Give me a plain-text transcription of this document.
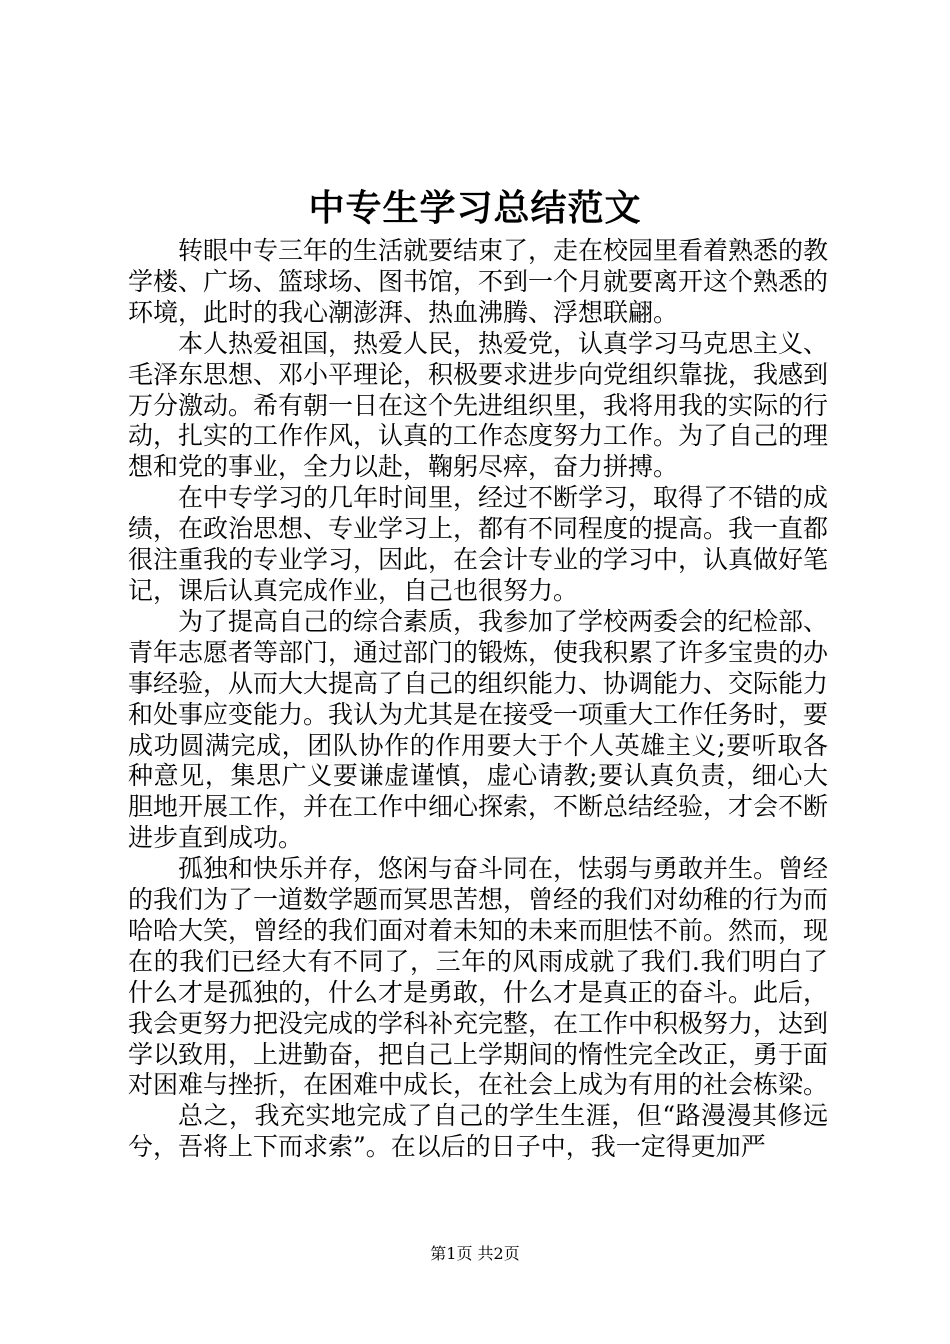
中专生学习总结范文

转眼中专三年的生活就要结束了，走在校园里看着熟悉的教学楼、广场、篮球场、图书馆，不到一个月就要离开这个熟悉的环境，此时的我心潮澎湃、热血沸腾、浮想联翩。

本人热爱祖国，热爱人民，热爱党，认真学习马克思主义、毛泽东思想、邓小平理论，积极要求进步向党组织靠拢，我感到万分激动。希有朝一日在这个先进组织里，我将用我的实际的行动，扎实的工作作风，认真的工作态度努力工作。为了自己的理想和党的事业，全力以赴，鞠躬尽瘁，奋力拼搏。

在中专学习的几年时间里，经过不断学习，取得了不错的成绩，在政治思想、专业学习上，都有不同程度的提高。我一直都很注重我的专业学习，因此，在会计专业的学习中，认真做好笔记，课后认真完成作业，自己也很努力。

为了提高自己的综合素质，我参加了学校两委会的纪检部、青年志愿者等部门，通过部门的锻炼，使我积累了许多宝贵的办事经验，从而大大提高了自己的组织能力、协调能力、交际能力和处事应变能力。我认为尤其是在接受一项重大工作任务时，要成功圆满完成，团队协作的作用要大于个人英雄主义;要听取各种意见，集思广义要谦虚谨慎，虚心请教;要认真负责，细心大胆地开展工作，并在工作中细心探索，不断总结经验，才会不断进步直到成功。

孤独和快乐并存，悠闲与奋斗同在，怯弱与勇敢并生。曾经的我们为了一道数学题而冥思苦想，曾经的我们对幼稚的行为而哈哈大笑，曾经的我们面对着未知的未来而胆怯不前。然而，现在的我们已经大有不同了，三年的风雨成就了我们.我们明白了什么才是孤独的，什么才是勇敢，什么才是真正的奋斗。此后，我会更努力把没完成的学科补充完整，在工作中积极努力，达到学以致用，上进勤奋，把自己上学期间的惰性完全改正，勇于面对困难与挫折，在困难中成长，在社会上成为有用的社会栋梁。

总之，我充实地完成了自己的学生生涯，但“路漫漫其修远兮，吾将上下而求索”。在以后的日子中，我一定得更加严

第1页 共2页
